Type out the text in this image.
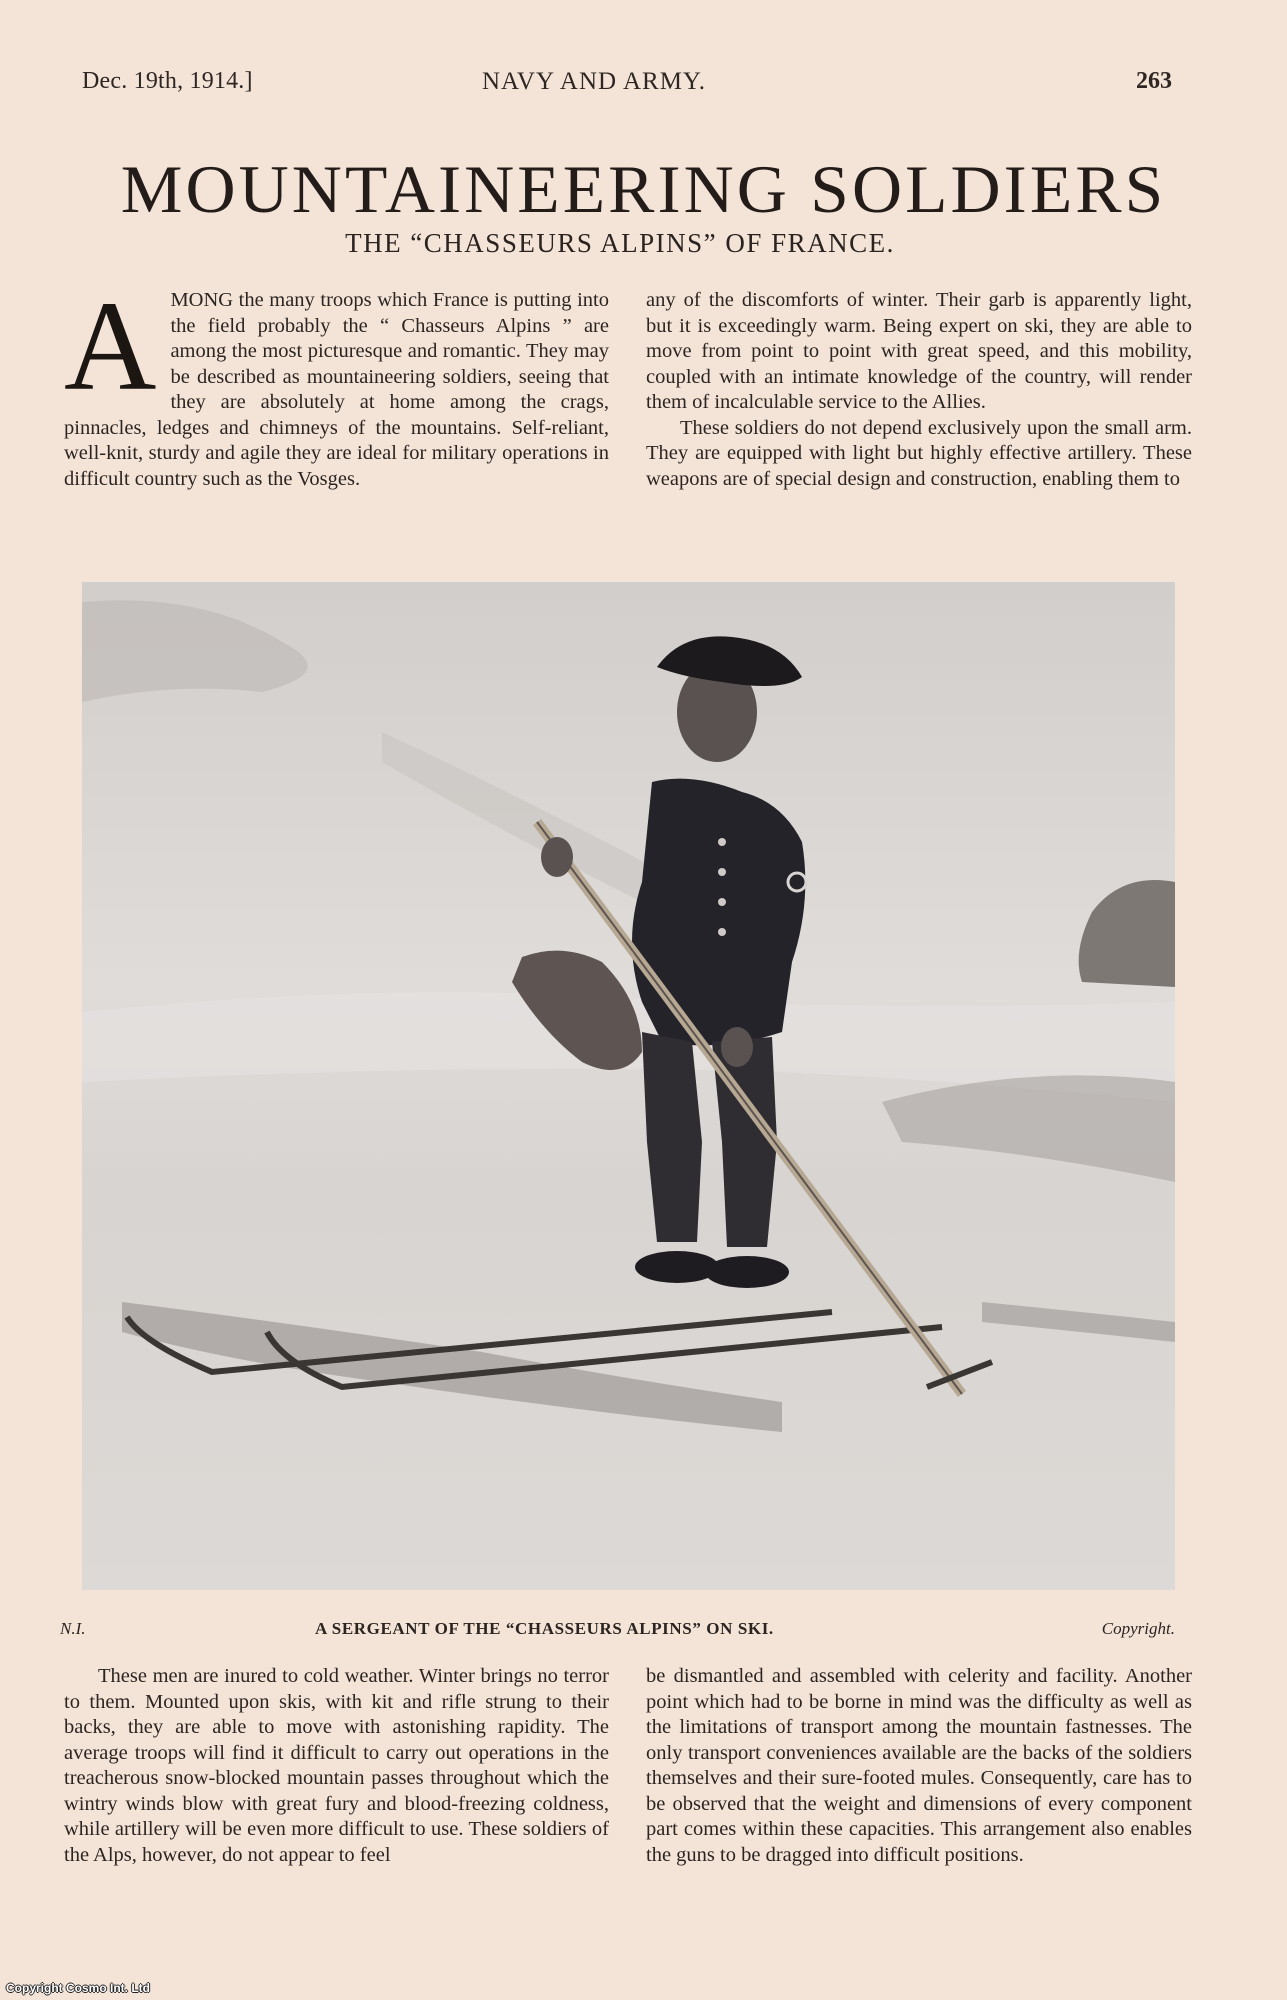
Dec. 19th, 1914.]	NAVY AND ARMY.	263
MOUNTAINEERING SOLDIERS
THE “CHASSEURS ALPINS” OF FRANCE.

AMONG the many troops which France is putting into the field probably the “ Chasseurs Alpins ” are among the most picturesque and romantic. They may be described as mountaineering soldiers, seeing that they are absolutely at home among the crags, pinnacles, ledges and chimneys of the mountains. Self-reliant, well-knit, sturdy and agile they are ideal for military operations in difficult country such as the Vosges.

any of the discomforts of winter. Their garb is apparently light, but it is exceedingly warm. Being expert on ski, they are able to move from point to point with great speed, and this mobility, coupled with an intimate knowledge of the country, will render them of incalculable service to the Allies.

These soldiers do not depend exclusively upon the small arm. They are equipped with light but highly effective artillery. These weapons are of special design and construction, enabling them to

N.I.	A SERGEANT OF THE “CHASSEURS ALPINS” ON SKI.	Copyright.

These men are inured to cold weather. Winter brings no terror to them. Mounted upon skis, with kit and rifle strung to their backs, they are able to move with astonishing rapidity. The average troops will find it difficult to carry out operations in the treacherous snow-blocked mountain passes throughout which the wintry winds blow with great fury and blood-freezing coldness, while artillery will be even more difficult to use. These soldiers of the Alps, however, do not appear to feel

be dismantled and assembled with celerity and facility. Another point which had to be borne in mind was the difficulty as well as the limitations of transport among the mountain fastnesses. The only transport conveniences available are the backs of the soldiers themselves and their sure-footed mules. Consequently, care has to be observed that the weight and dimensions of every component part comes within these capacities. This arrangement also enables the guns to be dragged into difficult positions.

Copyright Cosmo Int. Ltd
